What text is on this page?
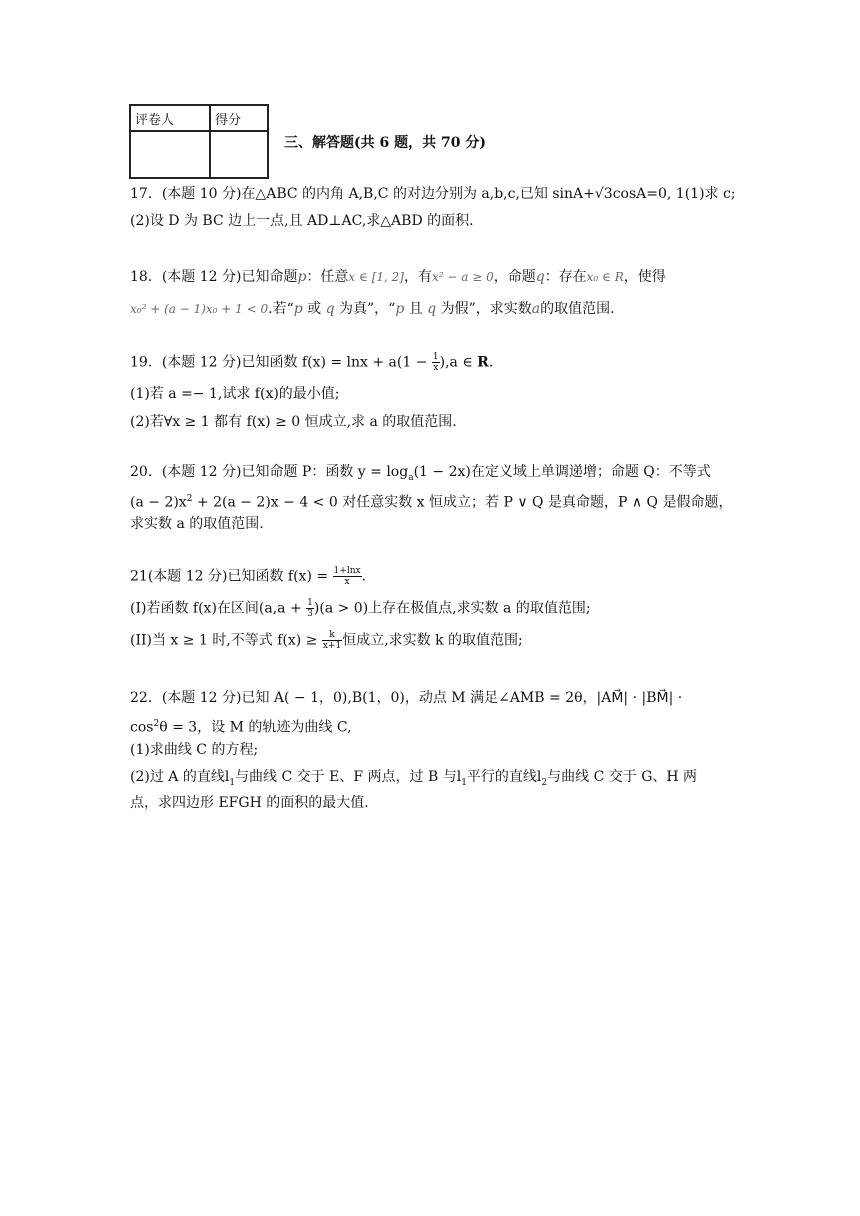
评卷人	得分

三、解答题(共 6 题，共 70 分)
17．(本题 10 分)在△ABC 的内角 A,B,C 的对边分别为 a,b,c,已知 sinA+√3cosA=0, 1(1)求 c;
(2)设 D 为 BC 边上一点,且 AD⊥AC,求△ABD 的面积.
18．(本题 12 分)已知命题p：任意x ∈ [1, 2]，有x² − a ≥ 0，命题q：存在x₀ ∈ R，使得
x₀² + (a − 1)x₀ + 1 < 0.若“p 或 q 为真”，“p 且 q 为假”，求实数a的取值范围.
19．(本题 12 分)已知函数 $f(x) = \ln x + a(1 - \frac{1}{x} ),a$ ∈ R.
(1)若 a =− 1,试求 f(x)的最小值;
(2)若∀x ≥ 1 都有 f(x) ≥ 0 恒成立,求 a 的取值范围.
20．(本题 12 分)已知命题 P：函数 $y = \log_a(1 - 2x)$在定义域上单调递增；命题 Q：不等式
$(a - 2)x^2 + 2(a - 2)x - 4 < 0$ 对任意实数 x 恒成立；若 P ∨ Q 是真命题，P ∧ Q 是假命题，
求实数 a 的取值范围.
21(本题 12 分)已知函数 $f(x) = \frac{1+\ln x}{x}$ .
(I)若函数 f(x)在区间$(a,a + \frac{1}{3} )(a > 0)$上存在极值点,求实数 a 的取值范围;
(II)当 x ≥ 1 时,不等式 $f(x) \ge \frac{k}{x+1}$ 恒成立,求实数 k 的取值范围;
22．(本题 12 分)已知 A( − 1，0),B(1，0)，动点 M 满足∠AMB = 2θ，|AM⃗| · |BM⃗| ·
$\cos^2\theta = 3$，设 M 的轨迹为曲线 C,
(1)求曲线 C 的方程;
(2)过 A 的直线$l_1$与曲线 C 交于 E、F 两点，过 B 与$l_1$平行的直线$l_2$与曲线 C 交于 G、H 两
点，求四边形 EFGH 的面积的最大值.
